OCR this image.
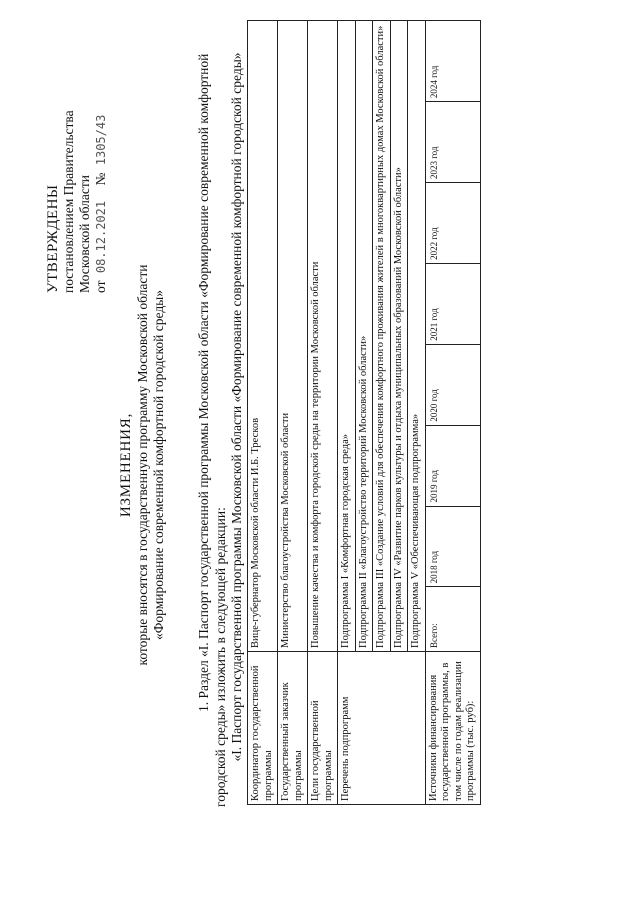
УТВЕРЖДЕНЫ постановлением Правительства Московской области от 08.12.2021 № 1305/43
ИЗМЕНЕНИЯ, которые вносятся в государственную программу Московской области «Формирование современной комфортной городской среды» 1. Раздел «I. Паспорт государственной программы Московской области «Формирование современной комфортной городской среды» изложить в следующей редакции: «I. Паспорт государственной программы Московской области «Формирование современной комфортной городской среды» Координатор государственной программы	Вице-губернатор Московской области И.Б. Тресков							
Государственный заказчик программы	Министерство благоустройства Московской области							
Цели государственной программы	Повышение качества и комфорта городской среды на территории Московской области							
Перечень подпрограмм	Подпрограмма I «Комфортная городская среда»							
	Подпрограмма II «Благоустройство территорий Московской области»							
	Подпрограмма III «Создание условий для обеспечения комфортного проживания жителей в многоквартирных домах Московской области»							
	Подпрограмма IV «Развитие парков культуры и отдыха муниципальных образований Московской области»							
	Подпрограмма V «Обеспечивающая подпрограмма»							
Источники финансирования государственной программы, в том числе по годам реализации программы (тыс. руб):	Всего:	2018 год	2019 год	2020 год	2021 год	2022 год	2023 год	2024 год
